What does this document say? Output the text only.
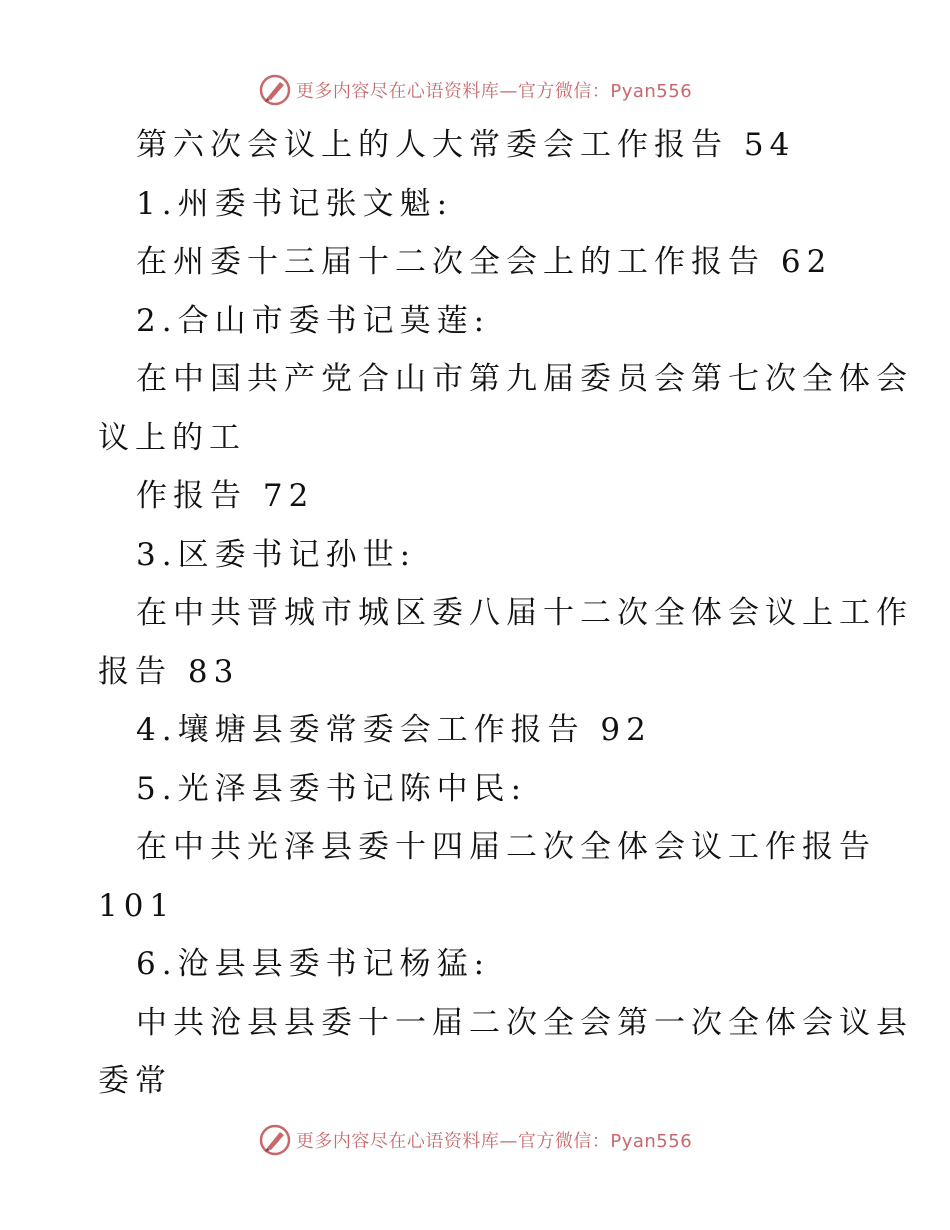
更多内容尽在心语资料库—官方微信：Pyan556
第六次会议上的人大常委会工作报告 54
1.州委书记张文魁:
在州委十三届十二次全会上的工作报告 62
2.合山市委书记莫莲:
在中国共产党合山市第九届委员会第七次全体会
议上的工
作报告 72
3.区委书记孙世:
在中共晋城市城区委八届十二次全体会议上工作
报告 83
4.壤塘县委常委会工作报告 92
5.光泽县委书记陈中民:
在中共光泽县委十四届二次全体会议工作报告
101
6.沧县县委书记杨猛:
中共沧县县委十一届二次全会第一次全体会议县
委常
更多内容尽在心语资料库—官方微信：Pyan556
